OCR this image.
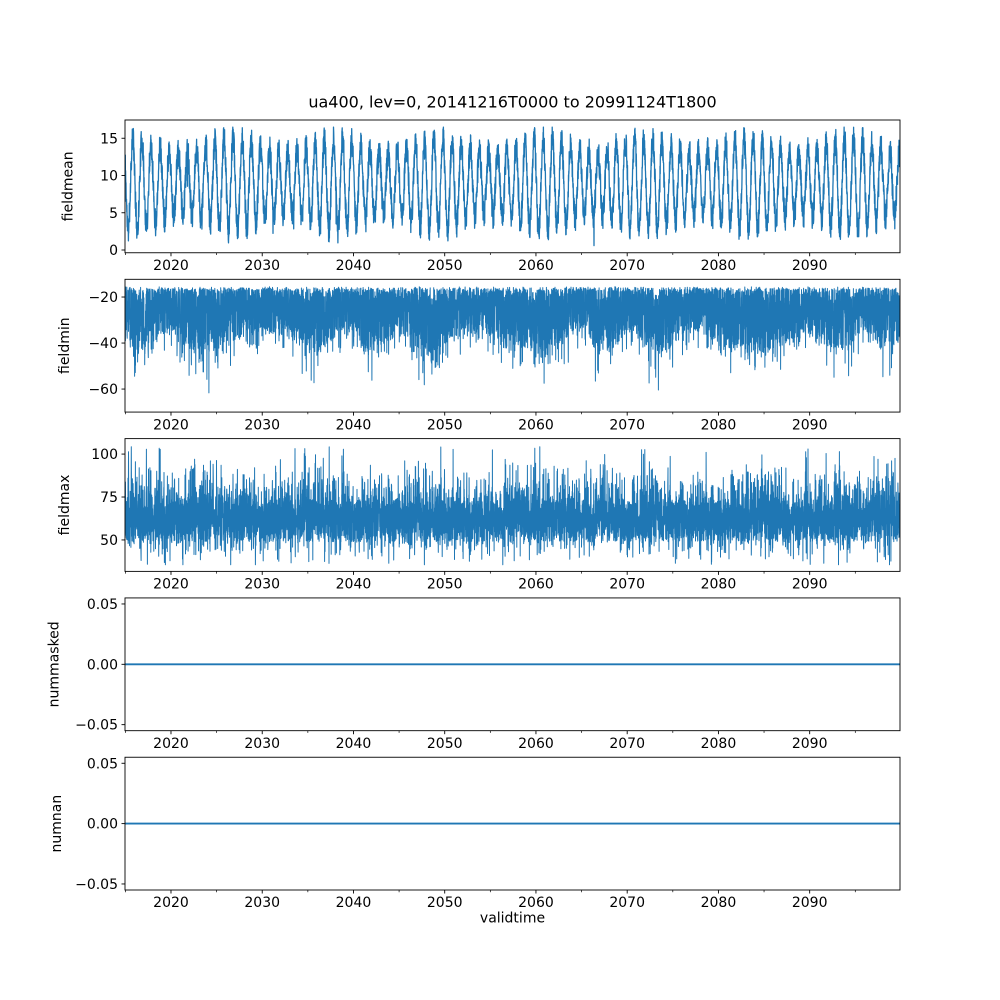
ua400, lev=0, 20141216T0000 to 20991124T1800
2020	2030	2040	2050	2060	2070	2080	2090
0
5
10
15
fieldmean
2020	2030	2040	2050	2060	2070	2080	2090
−20
−40
−60
fieldmin
2020	2030	2040	2050	2060	2070	2080	2090
50
75
100
fieldmax
2020	2030	2040	2050	2060	2070	2080	2090
0.05
0.00
−0.05
nummasked
2020	2030	2040	2050	2060	2070	2080	2090
0.05
0.00
−0.05
numnan
validtime
